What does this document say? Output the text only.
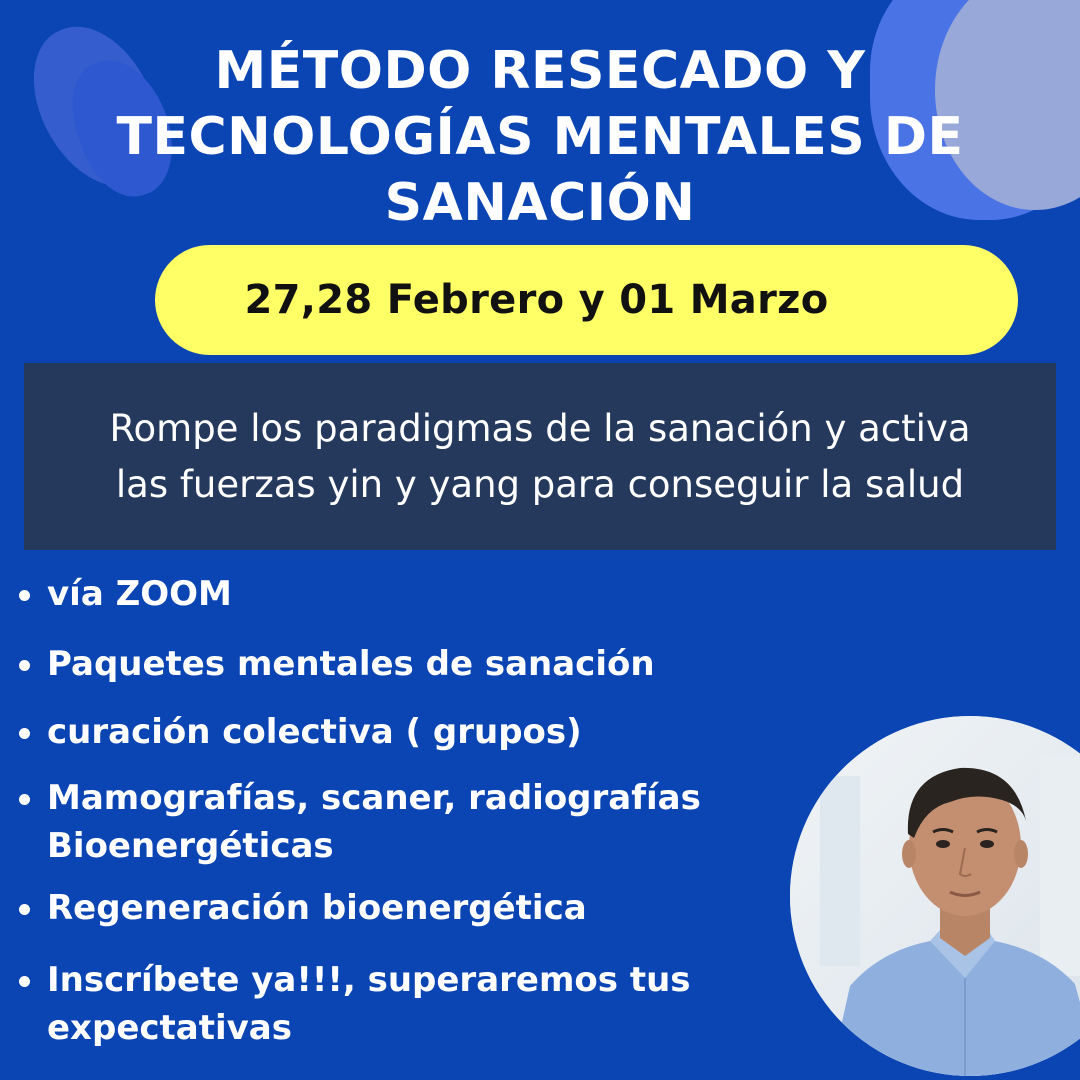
MÉTODO RESECADO Y
TECNOLOGÍAS MENTALES DE
SANACIÓN
27,28 Febrero y 01 Marzo

Rompe los paradigmas de la sanación y activa
las fuerzas yin y yang para conseguir la salud

vía ZOOM
Paquetes mentales de sanación
curación colectiva ( grupos)
Mamografías, scaner, radiografías
Bioenergéticas
Regeneración bioenergética
Inscríbete ya!!!, superaremos tus
expectativas
